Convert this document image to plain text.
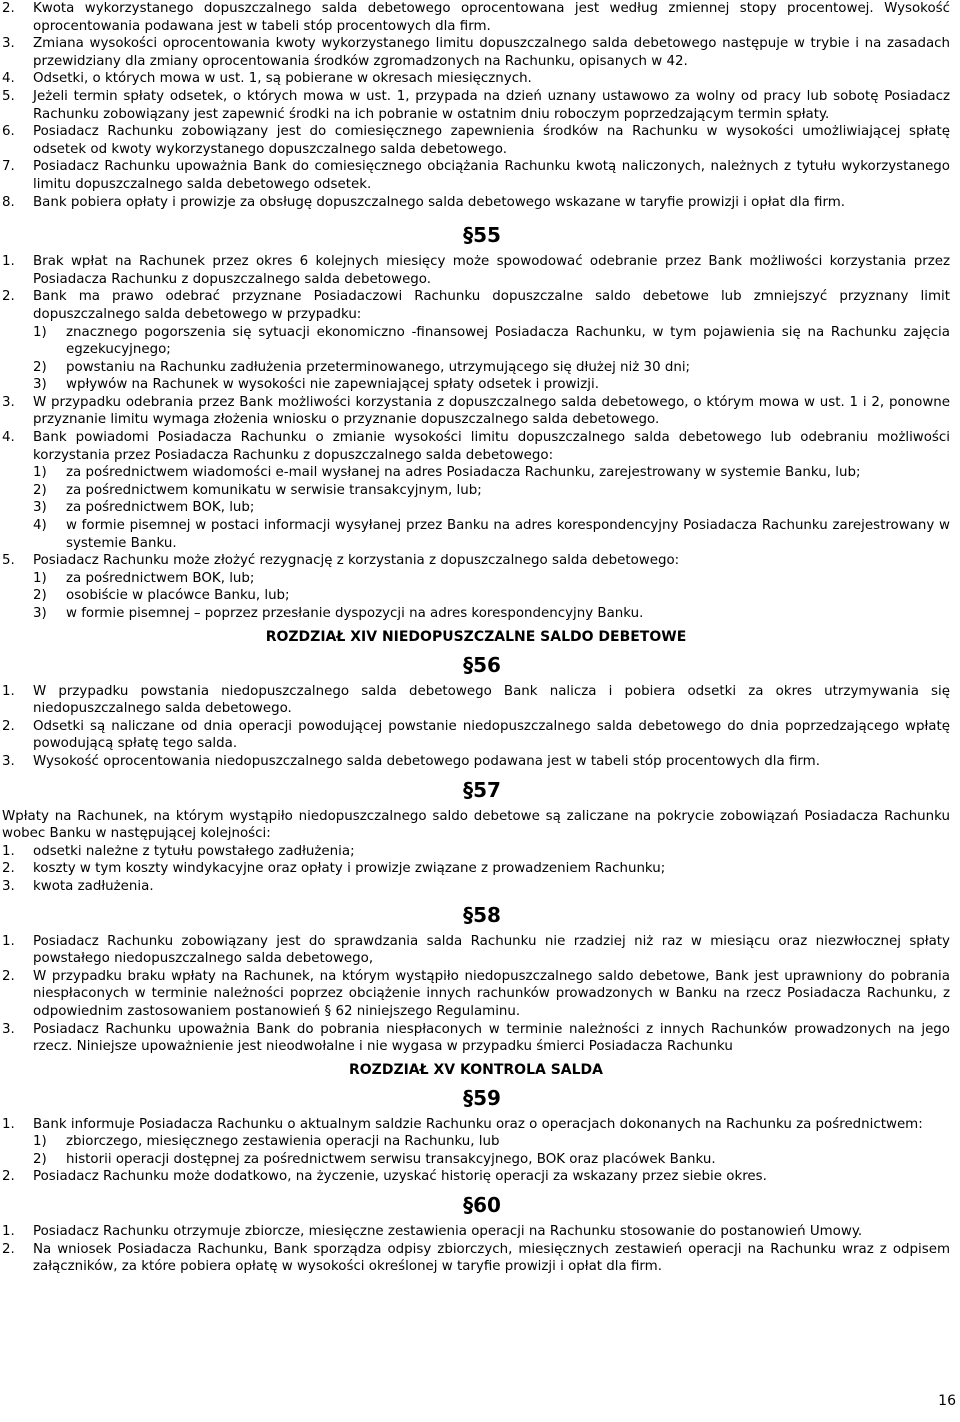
2. Kwota wykorzystanego dopuszczalnego salda debetowego oprocentowana jest według zmiennej stopy procentowej. Wysokość oprocentowania podawana jest w tabeli stóp procentowych dla firm.
3. Zmiana wysokości oprocentowania kwoty wykorzystanego limitu dopuszczalnego salda debetowego następuje w trybie i na zasadach przewidziany dla zmiany oprocentowania środków zgromadzonych na Rachunku, opisanych w 42.
4. Odsetki, o których mowa w ust. 1, są pobierane w okresach miesięcznych.
5. Jeżeli termin spłaty odsetek, o których mowa w ust. 1, przypada na dzień uznany ustawowo za wolny od pracy lub sobotę Posiadacz Rachunku zobowiązany jest zapewnić środki na ich pobranie w ostatnim dniu roboczym poprzedzającym termin spłaty.
6. Posiadacz Rachunku zobowiązany jest do comiesięcznego zapewnienia środków na Rachunku w wysokości umożliwiającej spłatę odsetek od kwoty wykorzystanego dopuszczalnego salda debetowego.
7. Posiadacz Rachunku upoważnia Bank do comiesięcznego obciążania Rachunku kwotą naliczonych, należnych z tytułu wykorzystanego limitu dopuszczalnego salda debetowego odsetek.
8. Bank pobiera opłaty i prowizje za obsługę dopuszczalnego salda debetowego wskazane w taryfie prowizji i opłat dla firm.
§55
1. Brak wpłat na Rachunek przez okres 6 kolejnych miesięcy może spowodować odebranie przez Bank możliwości korzystania przez Posiadacza Rachunku z dopuszczalnego salda debetowego.
2. Bank ma prawo odebrać przyznane Posiadaczowi Rachunku dopuszczalne saldo debetowe lub zmniejszyć przyznany limit dopuszczalnego salda debetowego w przypadku:
1) znacznego pogorszenia się sytuacji ekonomiczno -finansowej Posiadacza Rachunku, w tym pojawienia się na Rachunku zajęcia egzekucyjnego;
2) powstaniu na Rachunku zadłużenia przeterminowanego, utrzymującego się dłużej niż 30 dni;
3) wpływów na Rachunek w wysokości nie zapewniającej spłaty odsetek i prowizji.
3. W przypadku odebrania przez Bank możliwości korzystania z dopuszczalnego salda debetowego, o którym mowa w ust. 1 i 2, ponowne przyznanie limitu wymaga złożenia wniosku o przyznanie dopuszczalnego salda debetowego.
4. Bank powiadomi Posiadacza Rachunku o zmianie wysokości limitu dopuszczalnego salda debetowego lub odebraniu możliwości korzystania przez Posiadacza Rachunku z dopuszczalnego salda debetowego:
1) za pośrednictwem wiadomości e-mail wysłanej na adres Posiadacza Rachunku, zarejestrowany w systemie Banku, lub;
2) za pośrednictwem komunikatu w serwisie transakcyjnym, lub;
3) za pośrednictwem BOK, lub;
4) w formie pisemnej w postaci informacji wysyłanej przez Banku na adres korespondencyjny Posiadacza Rachunku zarejestrowany w systemie Banku.
5. Posiadacz Rachunku może złożyć rezygnację z korzystania z dopuszczalnego salda debetowego:
1) za pośrednictwem BOK, lub;
2) osobiście w placówce Banku, lub;
3) w formie pisemnej – poprzez przesłanie dyspozycji na adres korespondencyjny Banku.
ROZDZIAŁ XIV NIEDOPUSZCZALNE SALDO DEBETOWE
§56
1. W przypadku powstania niedopuszczalnego salda debetowego Bank nalicza i pobiera odsetki za okres utrzymywania się niedopuszczalnego salda debetowego.
2. Odsetki są naliczane od dnia operacji powodującej powstanie niedopuszczalnego salda debetowego do dnia poprzedzającego wpłatę powodującą spłatę tego salda.
3. Wysokość oprocentowania niedopuszczalnego salda debetowego podawana jest w tabeli stóp procentowych dla firm.
§57
Wpłaty na Rachunek, na którym wystąpiło niedopuszczalnego saldo debetowe są zaliczane na pokrycie zobowiązań Posiadacza Rachunku wobec Banku w następującej kolejności:
1. odsetki należne z tytułu powstałego zadłużenia;
2. koszty w tym koszty windykacyjne oraz opłaty i prowizje związane z prowadzeniem Rachunku;
3. kwota zadłużenia.
§58
1. Posiadacz Rachunku zobowiązany jest do sprawdzania salda Rachunku nie rzadziej niż raz w miesiącu oraz niezwłocznej spłaty powstałego niedopuszczalnego salda debetowego,
2. W przypadku braku wpłaty na Rachunek, na którym wystąpiło niedopuszczalnego saldo debetowe, Bank jest uprawniony do pobrania niespłaconych w terminie należności poprzez obciążenie innych rachunków prowadzonych w Banku na rzecz Posiadacza Rachunku, z odpowiednim zastosowaniem postanowień § 62 niniejszego Regulaminu.
3. Posiadacz Rachunku upoważnia Bank do pobrania niespłaconych w terminie należności z innych Rachunków prowadzonych na jego rzecz. Niniejsze upoważnienie jest nieodwołalne i nie wygasa w przypadku śmierci Posiadacza Rachunku
ROZDZIAŁ XV KONTROLA SALDA
§59
1. Bank informuje Posiadacza Rachunku o aktualnym saldzie Rachunku oraz o operacjach dokonanych na Rachunku za pośrednictwem:
1) zbiorczego, miesięcznego zestawienia operacji na Rachunku, lub
2) historii operacji dostępnej za pośrednictwem serwisu transakcyjnego, BOK oraz placówek Banku.
2. Posiadacz Rachunku może dodatkowo, na życzenie, uzyskać historię operacji za wskazany przez siebie okres.
§60
1. Posiadacz Rachunku otrzymuje zbiorcze, miesięczne zestawienia operacji na Rachunku stosowanie do postanowień Umowy.
2. Na wniosek Posiadacza Rachunku, Bank sporządza odpisy zbiorczych, miesięcznych zestawień operacji na Rachunku wraz z odpisem załączników, za które pobiera opłatę w wysokości określonej w taryfie prowizji i opłat dla firm.
16
